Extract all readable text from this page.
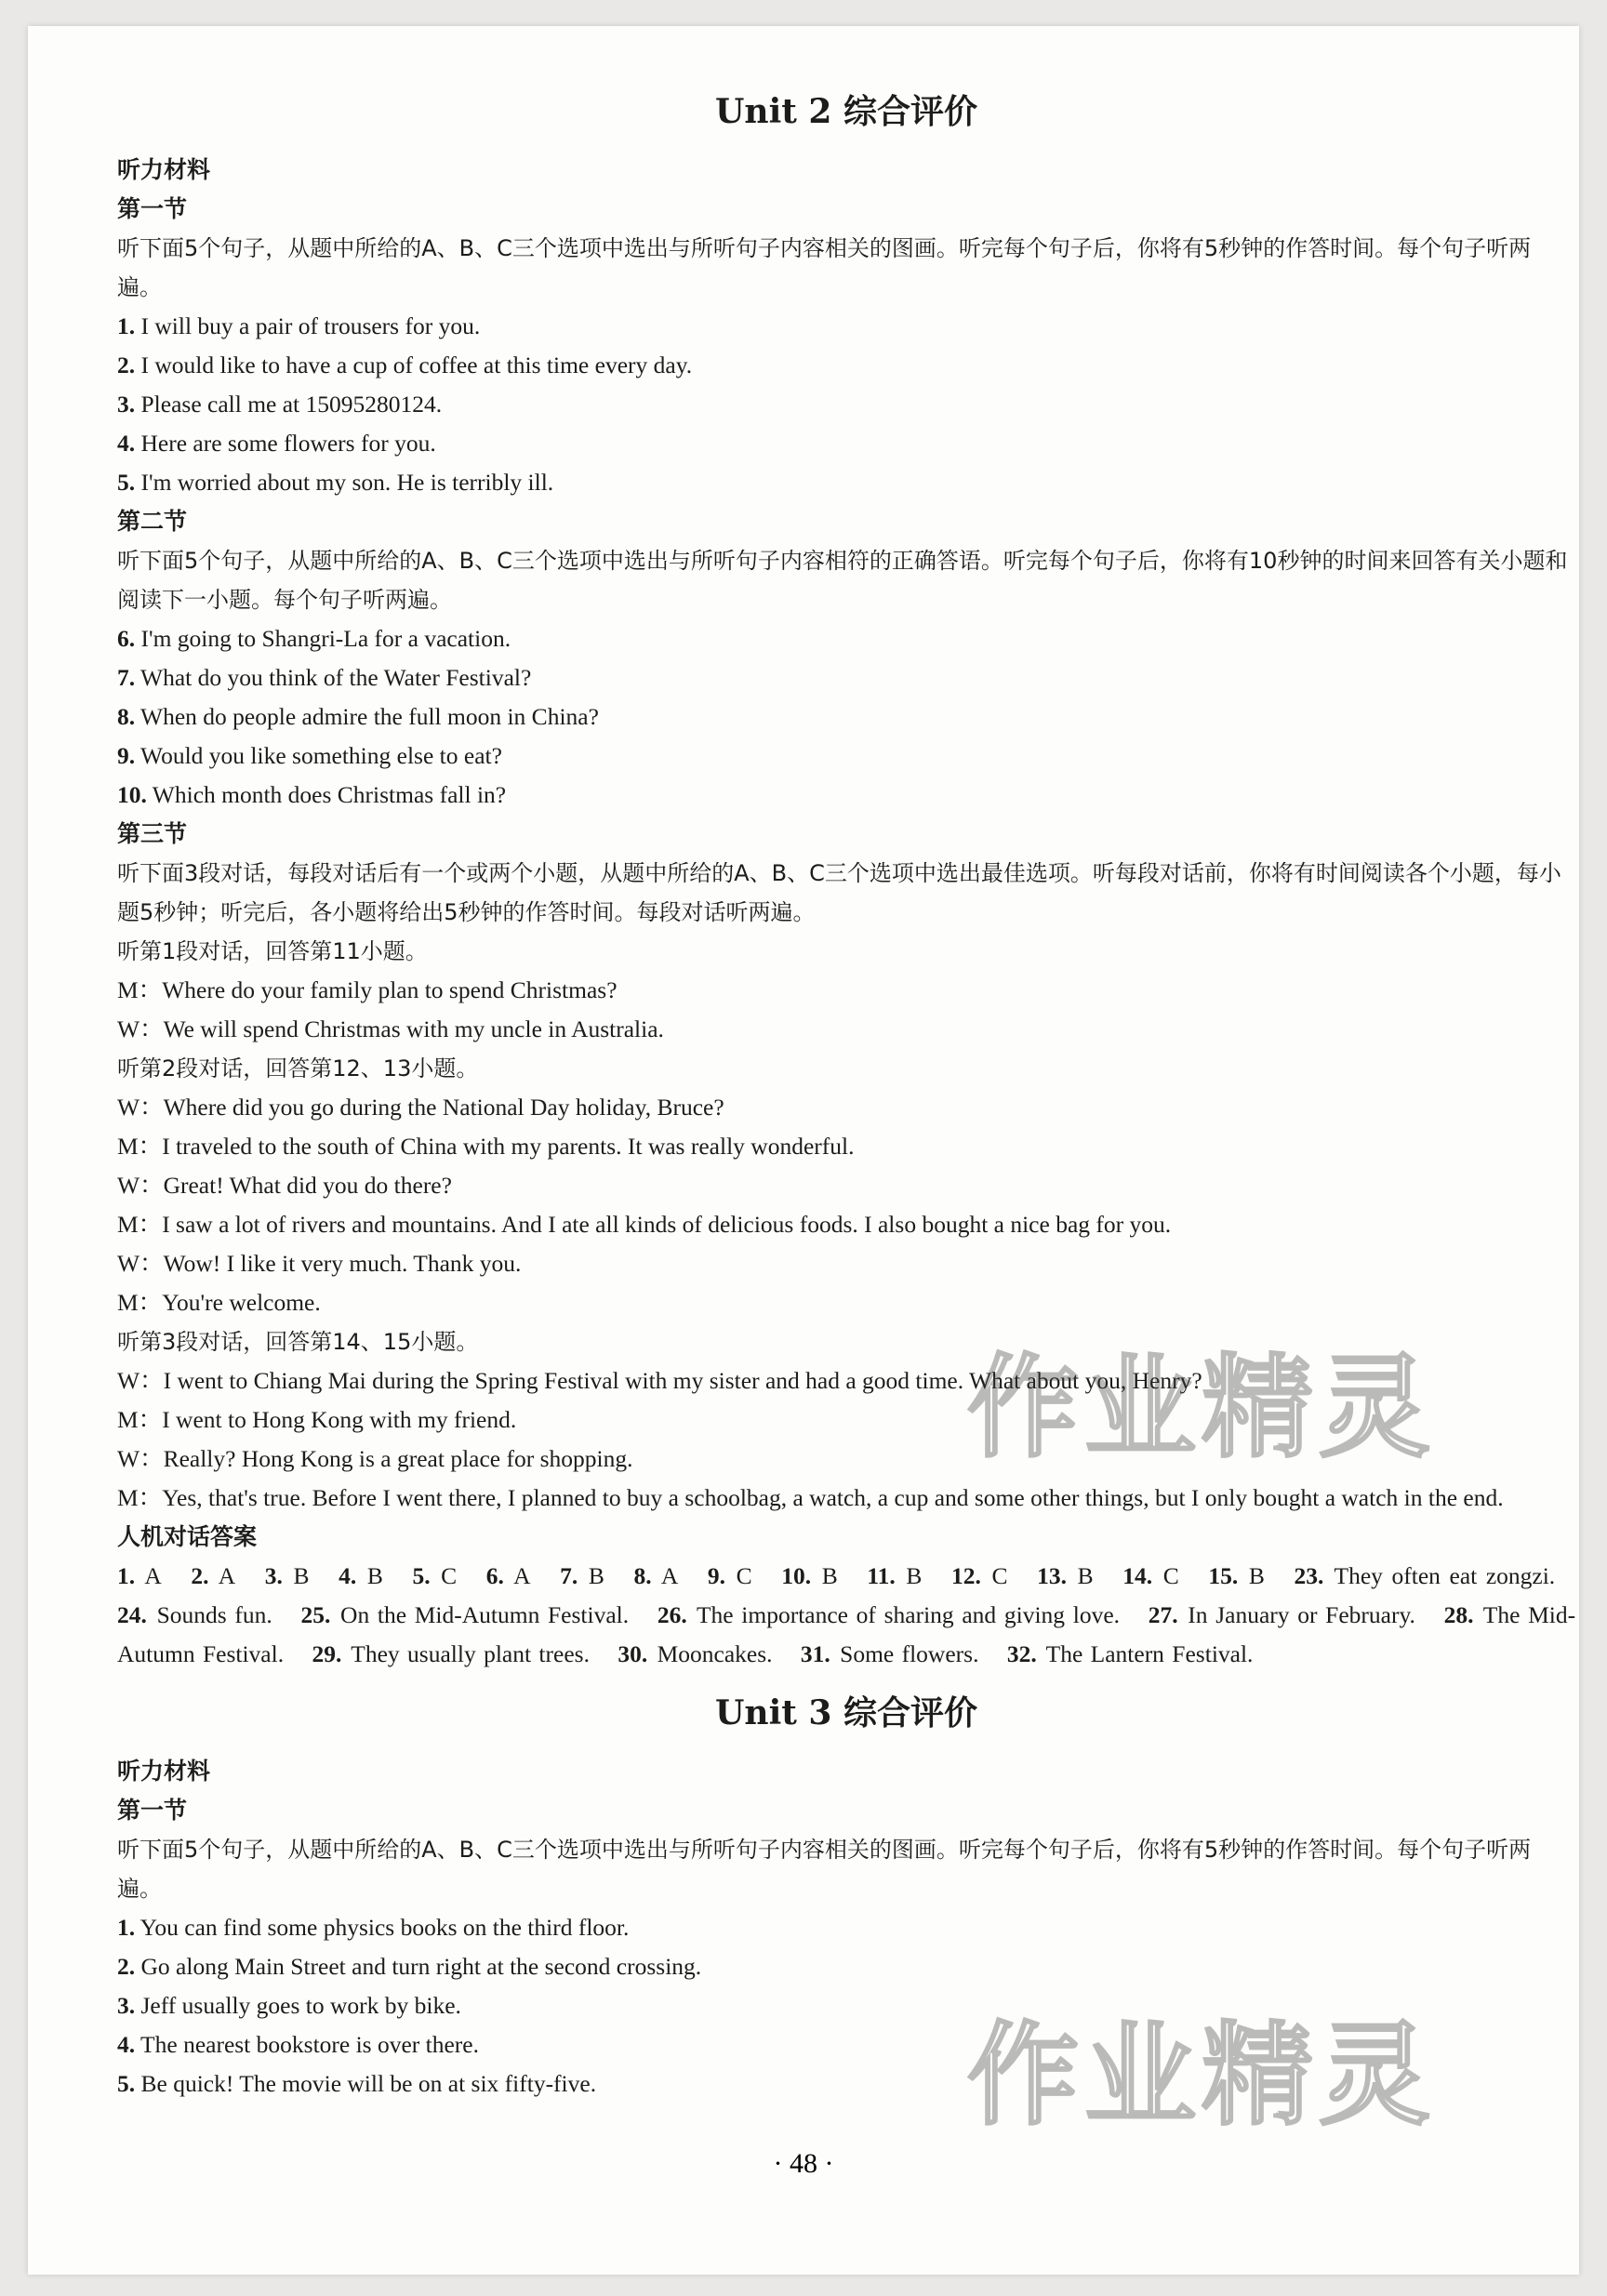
Unit 2 综合评价
听力材料
第一节
听下面5个句子，从题中所给的A、B、C三个选项中选出与所听句子内容相关的图画。听完每个句子后，你将有5秒钟的作答时间。每个句子听两遍。
1. I will buy a pair of trousers for you.
2. I would like to have a cup of coffee at this time every day.
3. Please call me at 15095280124.
4. Here are some flowers for you.
5. I'm worried about my son. He is terribly ill.
第二节
听下面5个句子，从题中所给的A、B、C三个选项中选出与所听句子内容相符的正确答语。听完每个句子后，你将有10秒钟的时间来回答有关小题和阅读下一小题。每个句子听两遍。
6. I'm going to Shangri-La for a vacation.
7. What do you think of the Water Festival?
8. When do people admire the full moon in China?
9. Would you like something else to eat?
10. Which month does Christmas fall in?
第三节
听下面3段对话，每段对话后有一个或两个小题，从题中所给的A、B、C三个选项中选出最佳选项。听每段对话前，你将有时间阅读各个小题，每小题5秒钟；听完后，各小题将给出5秒钟的作答时间。每段对话听两遍。
听第1段对话，回答第11小题。
M：Where do your family plan to spend Christmas?
W：We will spend Christmas with my uncle in Australia.
听第2段对话，回答第12、13小题。
W：Where did you go during the National Day holiday, Bruce?
M：I traveled to the south of China with my parents. It was really wonderful.
W：Great! What did you do there?
M：I saw a lot of rivers and mountains. And I ate all kinds of delicious foods. I also bought a nice bag for you.
W：Wow! I like it very much. Thank you.
M：You're welcome.
听第3段对话，回答第14、15小题。
W：I went to Chiang Mai during the Spring Festival with my sister and had a good time. What about you, Henry?
M：I went to Hong Kong with my friend.
W：Really? Hong Kong is a great place for shopping.
M：Yes, that's true. Before I went there, I planned to buy a schoolbag, a watch, a cup and some other things, but I only bought a watch in the end.
人机对话答案
1. A 2. A 3. B 4. B 5. C 6. A 7. B 8. A 9. C 10. B 11. B 12. C 13. B 14. C 15. B 23. They often eat zongzi. 24. Sounds fun. 25. On the Mid-Autumn Festival. 26. The importance of sharing and giving love. 27. In January or February. 28. The Mid-Autumn Festival. 29. They usually plant trees. 30. Mooncakes. 31. Some flowers. 32. The Lantern Festival.
Unit 3 综合评价
听力材料
第一节
听下面5个句子，从题中所给的A、B、C三个选项中选出与所听句子内容相关的图画。听完每个句子后，你将有5秒钟的作答时间。每个句子听两遍。
1. You can find some physics books on the third floor.
2. Go along Main Street and turn right at the second crossing.
3. Jeff usually goes to work by bike.
4. The nearest bookstore is over there.
5. Be quick! The movie will be on at six fifty-five.
作业精灵
作业精灵
· 48 ·
